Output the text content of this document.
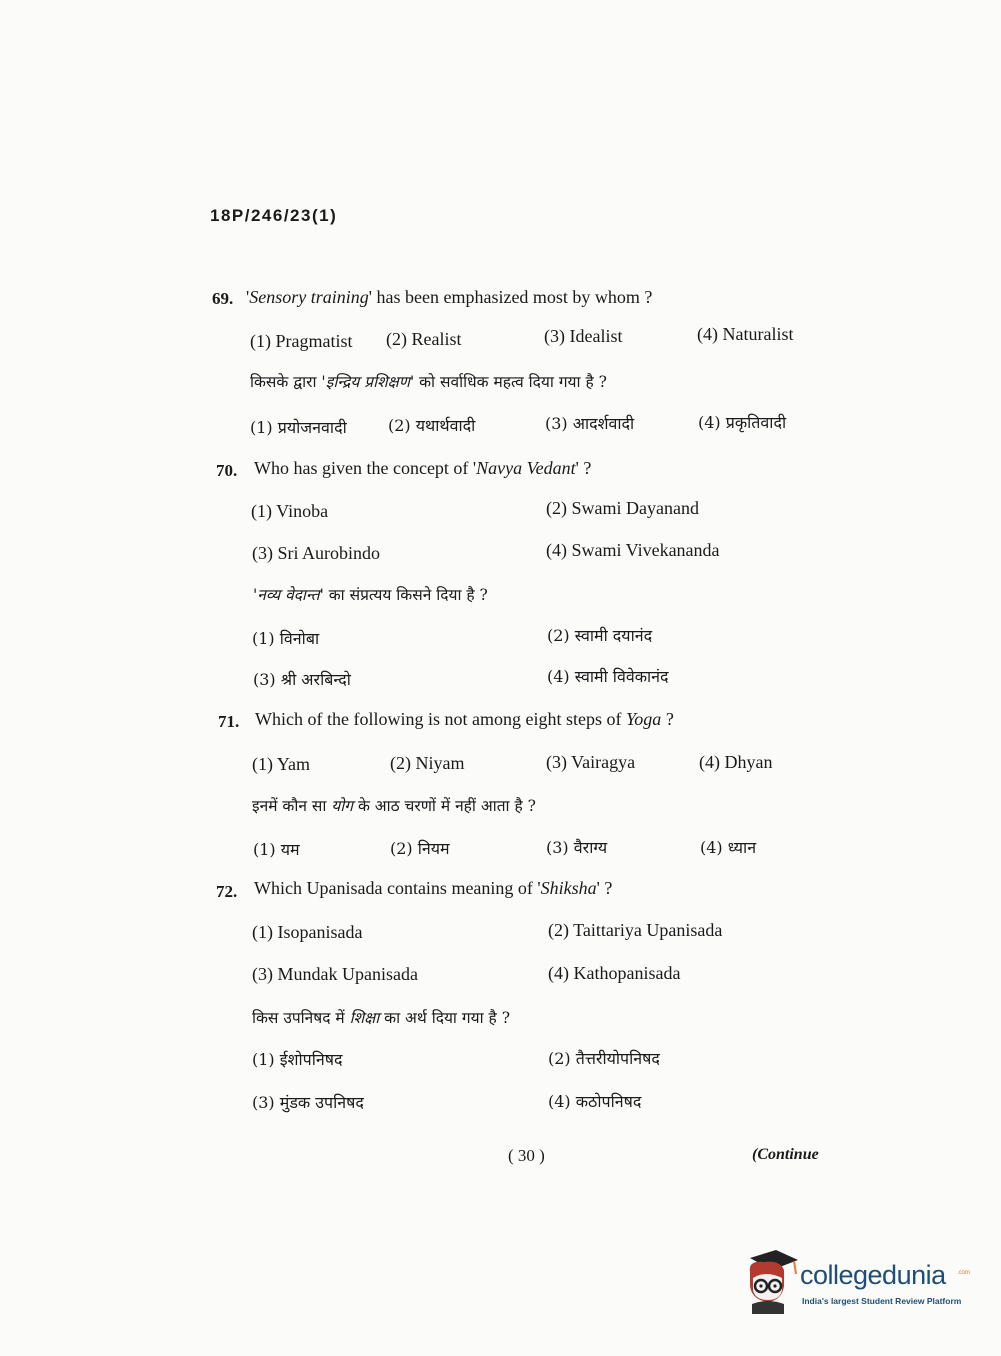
18P/246/23(1)
69. 'Sensory training' has been emphasized most by whom ?
(1) Pragmatist (2) Realist	(3) Idealist	(4) Naturalist
किसके द्वारा 'इन्द्रिय प्रशिक्षण' को सर्वाधिक महत्व दिया गया है ?
(1) प्रयोजनवादी	(2) यथार्थवादी	(3) आदर्शवादी	(4) प्रकृतिवादी
70. Who has given the concept of 'Navya Vedant' ?
(1) Vinoba	(2) Swami Dayanand
(3) Sri Aurobindo	(4) Swami Vivekananda
'नव्य वेदान्त' का संप्रत्यय किसने दिया है ?
(1) विनोबा	(2) स्वामी दयानंद
(3) श्री अरबिन्दो	(4) स्वामी विवेकानंद
71. Which of the following is not among eight steps of Yoga ?
(1) Yam	(2) Niyam	(3) Vairagya	(4) Dhyan
इनमें कौन सा योग के आठ चरणों में नहीं आता है ?
(1) यम	(2) नियम	(3) वैराग्य	(4) ध्यान
72. Which Upanisada contains meaning of 'Shiksha' ?
(1) Isopanisada	(2) Taittariya Upanisada
(3) Mundak Upanisada	(4) Kathopanisada
किस उपनिषद में शिक्षा का अर्थ दिया गया है ?
(1) ईशोपनिषद	(2) तैत्तरीयोपनिषद
(3) मुंडक उपनिषद	(4) कठोपनिषद
( 30 )	(Continue
collegedunia .com
India's largest Student Review Platform
